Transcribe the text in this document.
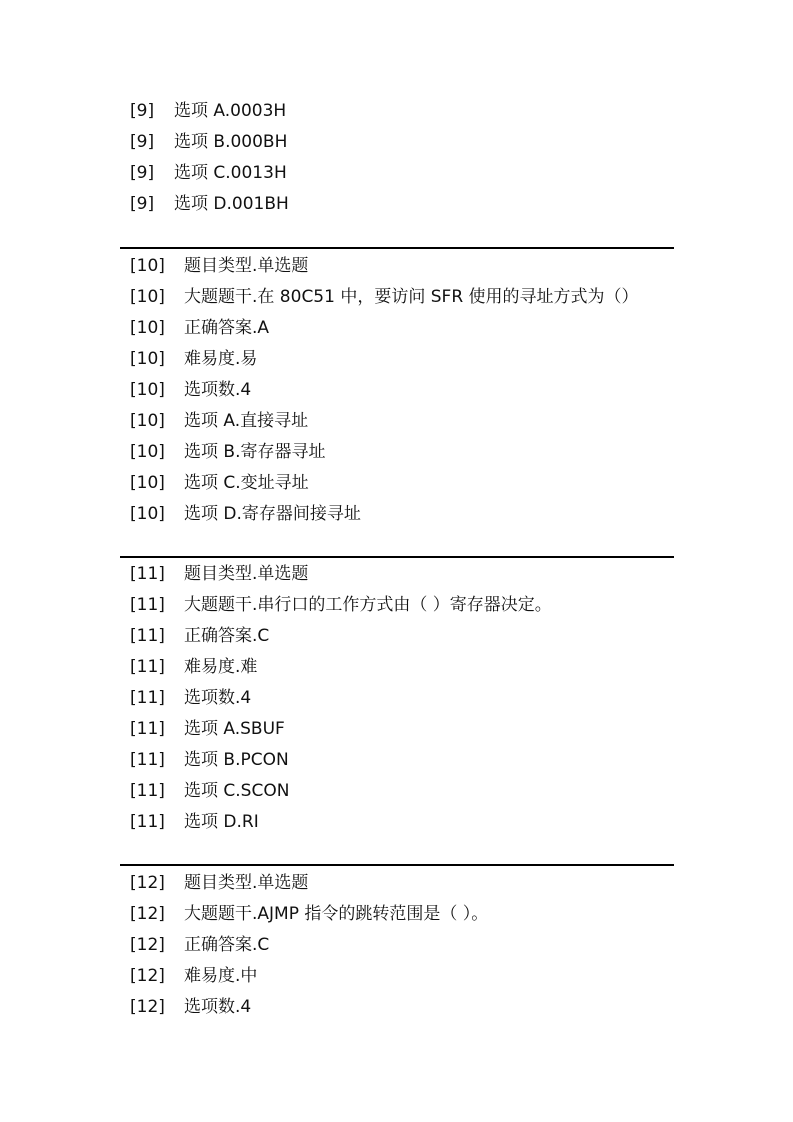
[9] 选项 A.0003H
[9] 选项 B.000BH
[9] 选项 C.0013H
[9] 选项 D.001BH
[10] 题目类型.单选题
[10] 大题题干.在 80C51 中，要访问 SFR 使用的寻址方式为（）
[10] 正确答案.A
[10] 难易度.易
[10] 选项数.4
[10] 选项 A.直接寻址
[10] 选项 B.寄存器寻址
[10] 选项 C.变址寻址
[10] 选项 D.寄存器间接寻址
[11] 题目类型.单选题
[11] 大题题干.串行口的工作方式由（ ）寄存器决定。
[11] 正确答案.C
[11] 难易度.难
[11] 选项数.4
[11] 选项 A.SBUF
[11] 选项 B.PCON
[11] 选项 C.SCON
[11] 选项 D.RI
[12] 题目类型.单选题
[12] 大题题干.AJMP 指令的跳转范围是（ ）。
[12] 正确答案.C
[12] 难易度.中
[12] 选项数.4
